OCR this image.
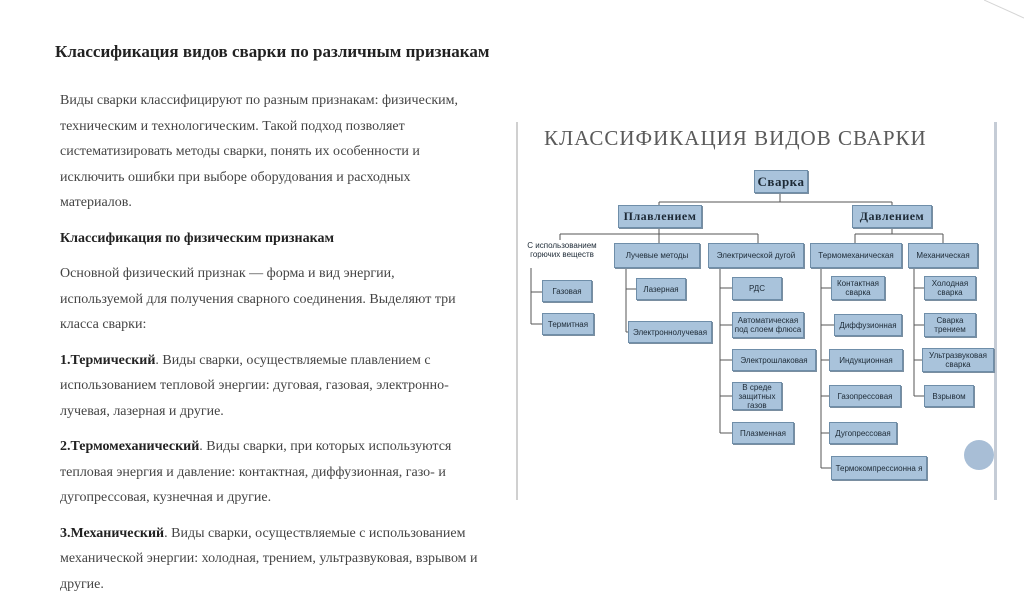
Классификация видов сварки по различным признакам

Виды сварки классифицируют по разным признакам: физическим, техническим и технологическим. Такой подход позволяет систематизировать методы сварки, понять их особенности и исключить ошибки при выборе оборудования и расходных материалов.

Классификация по физическим признакам

Основной физический признак — форма и вид энергии, используемой для получения сварного соединения. Выделяют три класса сварки:

1.Термический. Виды сварки, осуществляемые плавлением с использованием тепловой энергии: дуговая, газовая, электронно-лучевая, лазерная и другие.

2.Термомеханический. Виды сварки, при которых используются тепловая энергия и давление: контактная, диффузионная, газо- и дугопрессовая, кузнечная и другие.

3.Механический. Виды сварки, осуществляемые с использованием механической энергии: холодная, трением, ультразвуковая, взрывом и другие.

КЛАССИФИКАЦИЯ ВИДОВ СВАРКИ
Сварка
Плавлением	Давлением
С использованием горючих веществ	Лучевые методы	Электрической дугой	Термомеханическая	Механическая
Газовая
Термитная
Лазерная
Электроннолучевая
РДС
Автоматическая под слоем флюса
Электрошлаковая
В среде защитных газов
Плазменная
Контактная сварка
Диффузионная
Индукционная
Газопрессовая
Дугопрессовая
Термокомпрессионна я
Холодная сварка
Сварка трением
Ультразвуковая сварка
Взрывом
